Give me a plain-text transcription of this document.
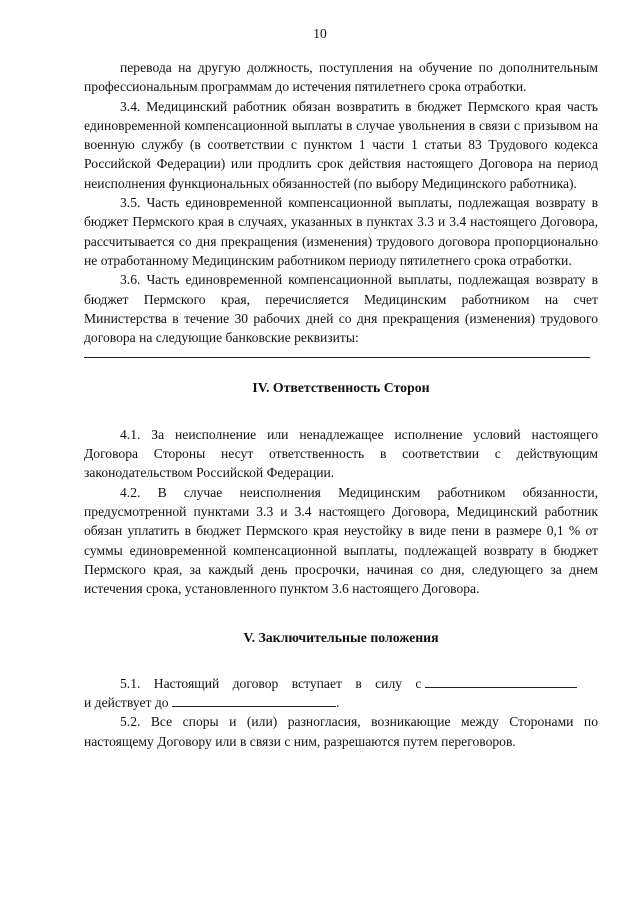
10

перевода на другую должность, поступления на обучение по дополнительным профессиональным программам до истечения пятилетнего срока отработки.

3.4. Медицинский работник обязан возвратить в бюджет Пермского края часть единовременной компенсационной выплаты в случае увольнения в связи с призывом на военную службу (в соответствии с пунктом 1 части 1 статьи 83 Трудового кодекса Российской Федерации) или продлить срок действия настоящего Договора на период неисполнения функциональных обязанностей (по выбору Медицинского работника).

3.5. Часть единовременной компенсационной выплаты, подлежащая возврату в бюджет Пермского края в случаях, указанных в пунктах 3.3 и 3.4 настоящего Договора, рассчитывается со дня прекращения (изменения) трудового договора пропорционально не отработанному Медицинским работником периоду пятилетнего срока отработки.

3.6. Часть единовременной компенсационной выплаты, подлежащая возврату в бюджет Пермского края, перечисляется Медицинским работником на счет Министерства в течение 30 рабочих дней со дня прекращения (изменения) трудового договора на следующие банковские реквизиты:

IV. Ответственность Сторон

4.1. За неисполнение или ненадлежащее исполнение условий настоящего Договора Стороны несут ответственность в соответствии с действующим законодательством Российской Федерации.

4.2. В случае неисполнения Медицинским работником обязанности, предусмотренной пунктами 3.3 и 3.4 настоящего Договора, Медицинский работник обязан уплатить в бюджет Пермского края неустойку в виде пени в размере 0,1 % от суммы единовременной компенсационной выплаты, подлежащей возврату в бюджет Пермского края, за каждый день просрочки, начиная со дня, следующего за днем истечения срока, установленного пунктом 3.6 настоящего Договора.

V. Заключительные положения

5.1. Настоящий договор вступает в силу с
и действует до	.

5.2. Все споры и (или) разногласия, возникающие между Сторонами по настоящему Договору или в связи с ним, разрешаются путем переговоров.
